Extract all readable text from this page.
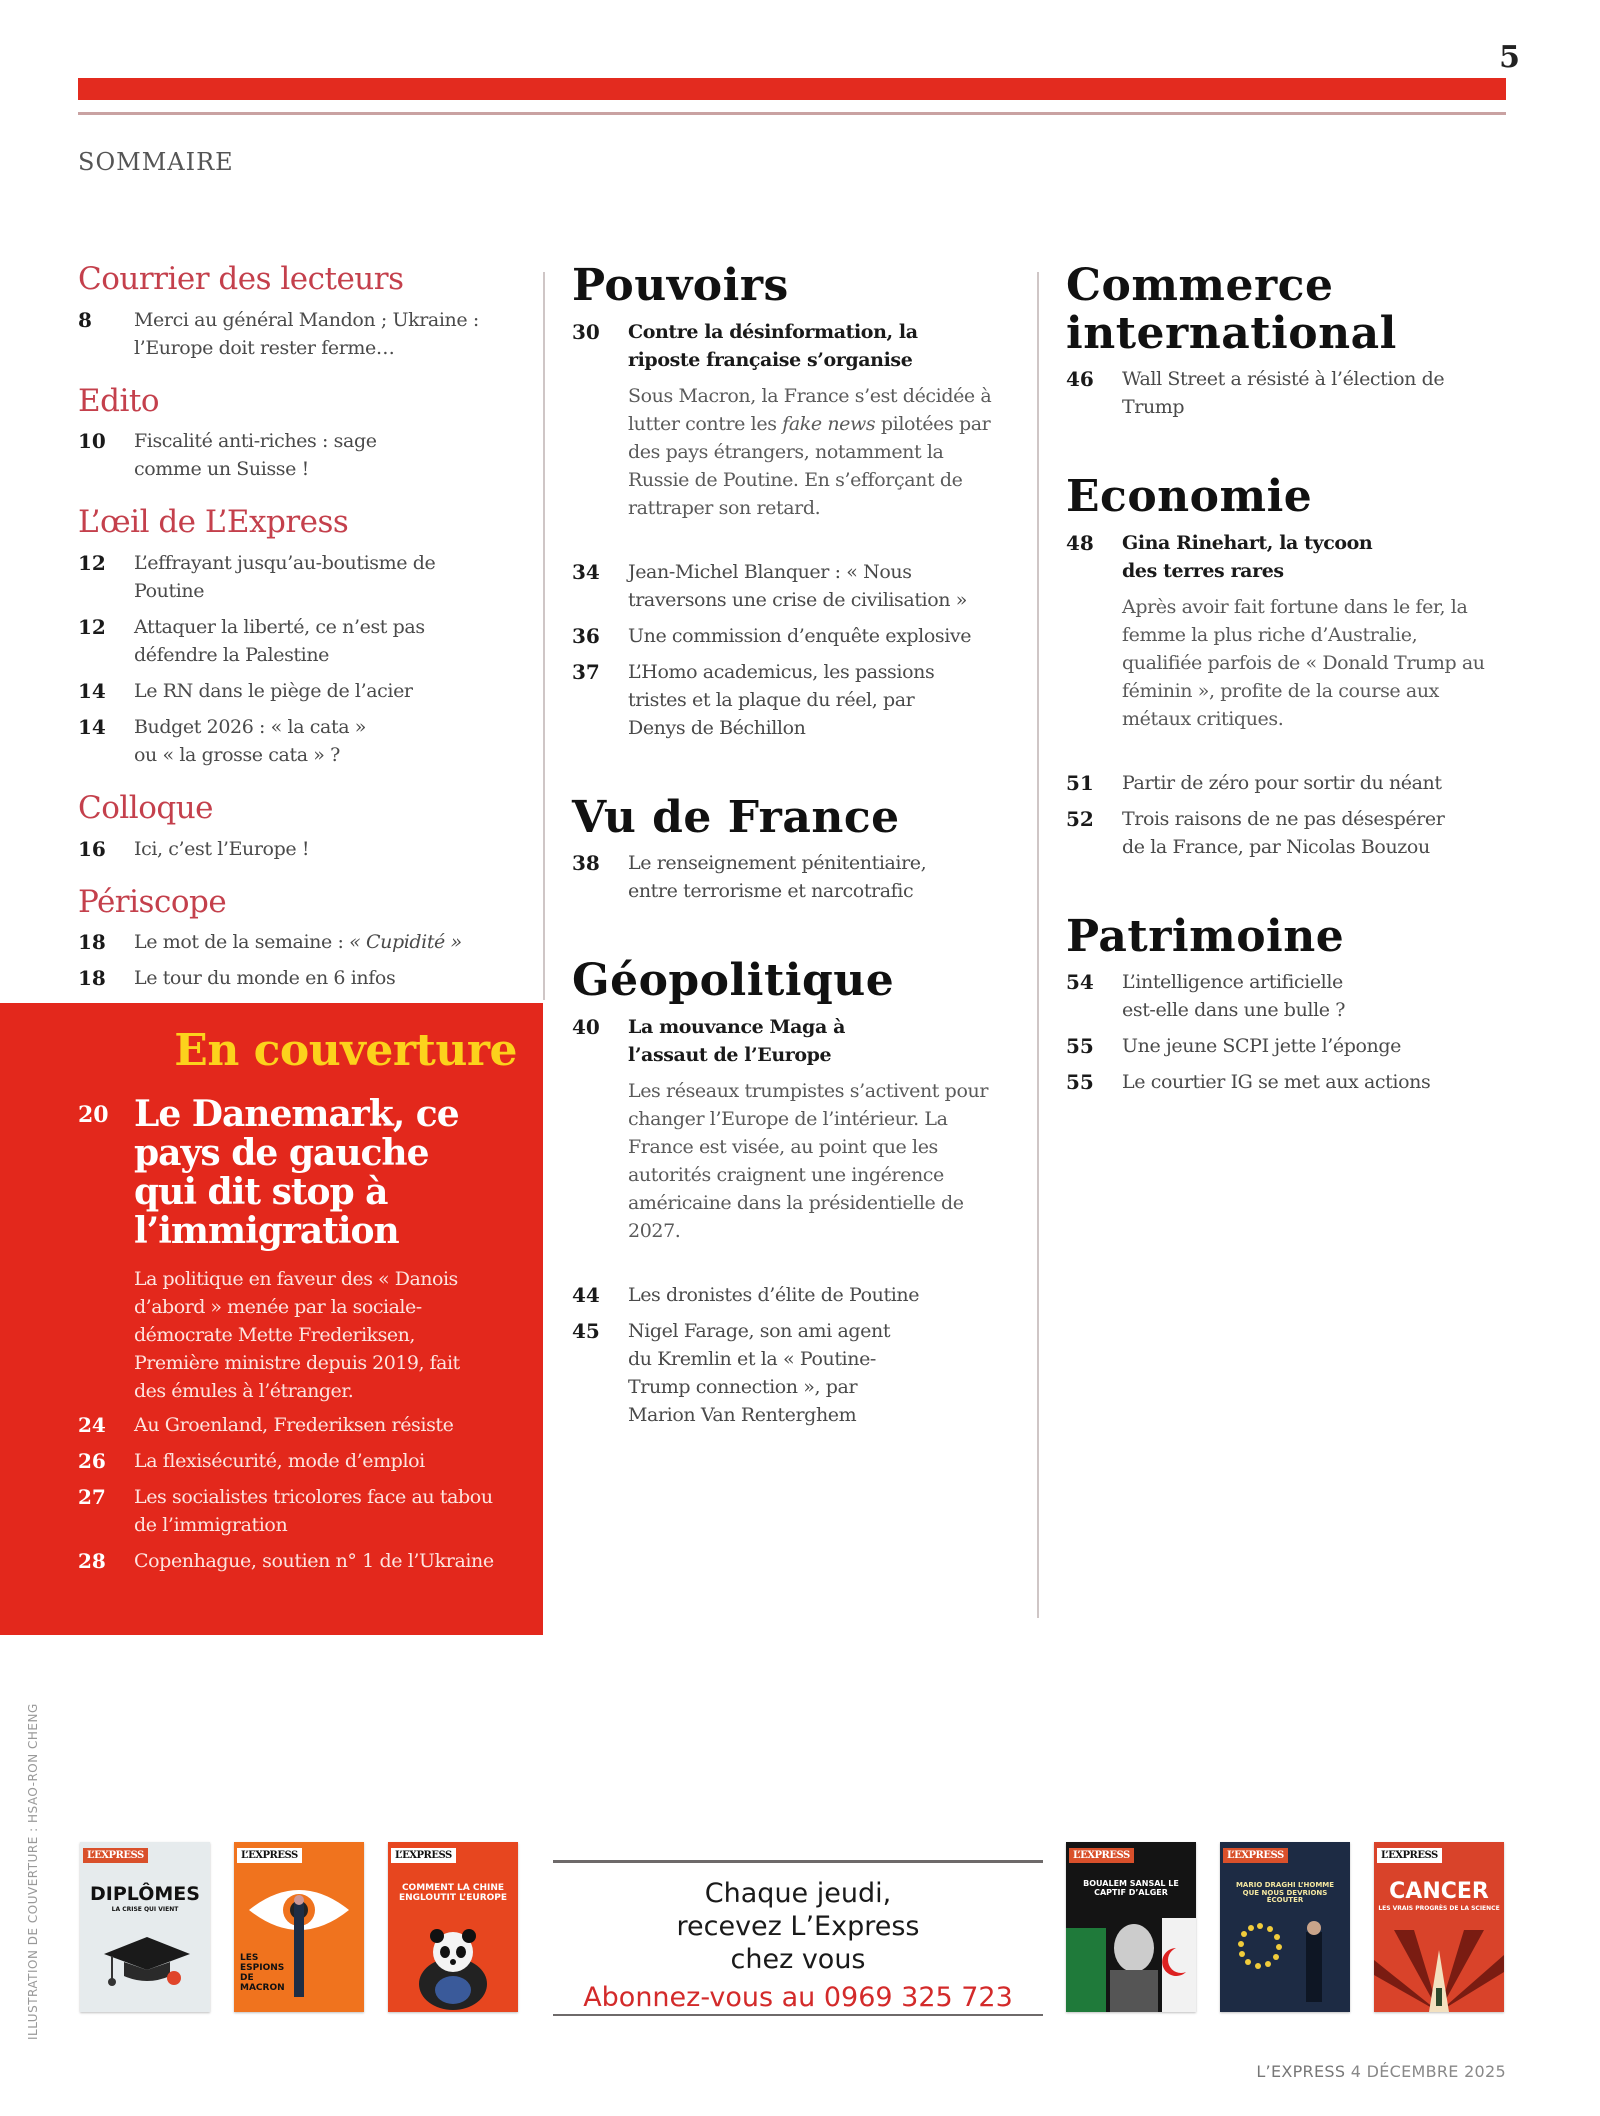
5
SOMMAIRE
Courrier des lecteurs
8	Merci au général Mandon ; Ukraine : l’Europe doit rester ferme…
Edito
10	Fiscalité anti-riches : sage comme un Suisse !
L’œil de L’Express
12	L’effrayant jusqu’au-boutisme de Poutine
12	Attaquer la liberté, ce n’est pas défendre la Palestine
14	Le RN dans le piège de l’acier
14	Budget 2026 : « la cata » ou « la grosse cata » ?
Colloque
16	Ici, c’est l’Europe !
Périscope
18	Le mot de la semaine : « Cupidité »
18	Le tour du monde en 6 infos
En couverture
20 Le Danemark, ce pays de gauche qui dit stop à l’immigration
La politique en faveur des « Danois d’abord » menée par la sociale-démocrate Mette Frederiksen, Première ministre depuis 2019, fait des émules à l’étranger.
24	Au Groenland, Frederiksen résiste
26	La flexisécurité, mode d’emploi
27	Les socialistes tricolores face au tabou de l’immigration
28	Copenhague, soutien n° 1 de l’Ukraine
Pouvoirs
30	Contre la désinformation, la riposte française s’organise
Sous Macron, la France s’est décidée à lutter contre les fake news pilotées par des pays étrangers, notamment la Russie de Poutine. En s’efforçant de rattraper son retard.
34	Jean-Michel Blanquer : « Nous traversons une crise de civilisation »
36	Une commission d’enquête explosive
37	L’Homo academicus, les passions tristes et la plaque du réel, par Denys de Béchillon
Vu de France
38	Le renseignement pénitentiaire, entre terrorisme et narcotrafic
Géopolitique
40	La mouvance Maga à l’assaut de l’Europe
Les réseaux trumpistes s’activent pour changer l’Europe de l’intérieur. La France est visée, au point que les autorités craignent une ingérence américaine dans la présidentielle de 2027.
44	Les dronistes d’élite de Poutine
45	Nigel Farage, son ami agent du Kremlin et la « Poutine-Trump connection », par Marion Van Renterghem
Commerce international
46	Wall Street a résisté à l’élection de Trump
Economie
48	Gina Rinehart, la tycoon des terres rares
Après avoir fait fortune dans le fer, la femme la plus riche d’Australie, qualifiée parfois de « Donald Trump au féminin », profite de la course aux métaux critiques.
51	Partir de zéro pour sortir du néant
52	Trois raisons de ne pas désespérer de la France, par Nicolas Bouzou
Patrimoine
54	L’intelligence artificielle est-elle dans une bulle ?
55	Une jeune SCPI jette l’éponge
55	Le courtier IG se met aux actions
ILLUSTRATION DE COUVERTURE : HSAO-RON CHENG	L’EXPRESS
DIPLÔMES
LA CRISE QUI VIENT
L’EXPRESS
LES ESPIONS DE MACRON
L’EXPRESS
COMMENT LA CHINE ENGLOUTIT L’EUROPE	Chaque jeudi,
recevez L’Express
chez vous
Abonnez-vous au 0969 325 723
L’EXPRESS
BOUALEM SANSAL LE CAPTIF D’ALGER
L’EXPRESS
MARIO DRAGHI L’HOMME QUE NOUS DEVRIONS ÉCOUTER
L’EXPRESS
CANCER
LES VRAIS PROGRÈS DE LA SCIENCE
L’EXPRESS 4 DÉCEMBRE 2025
